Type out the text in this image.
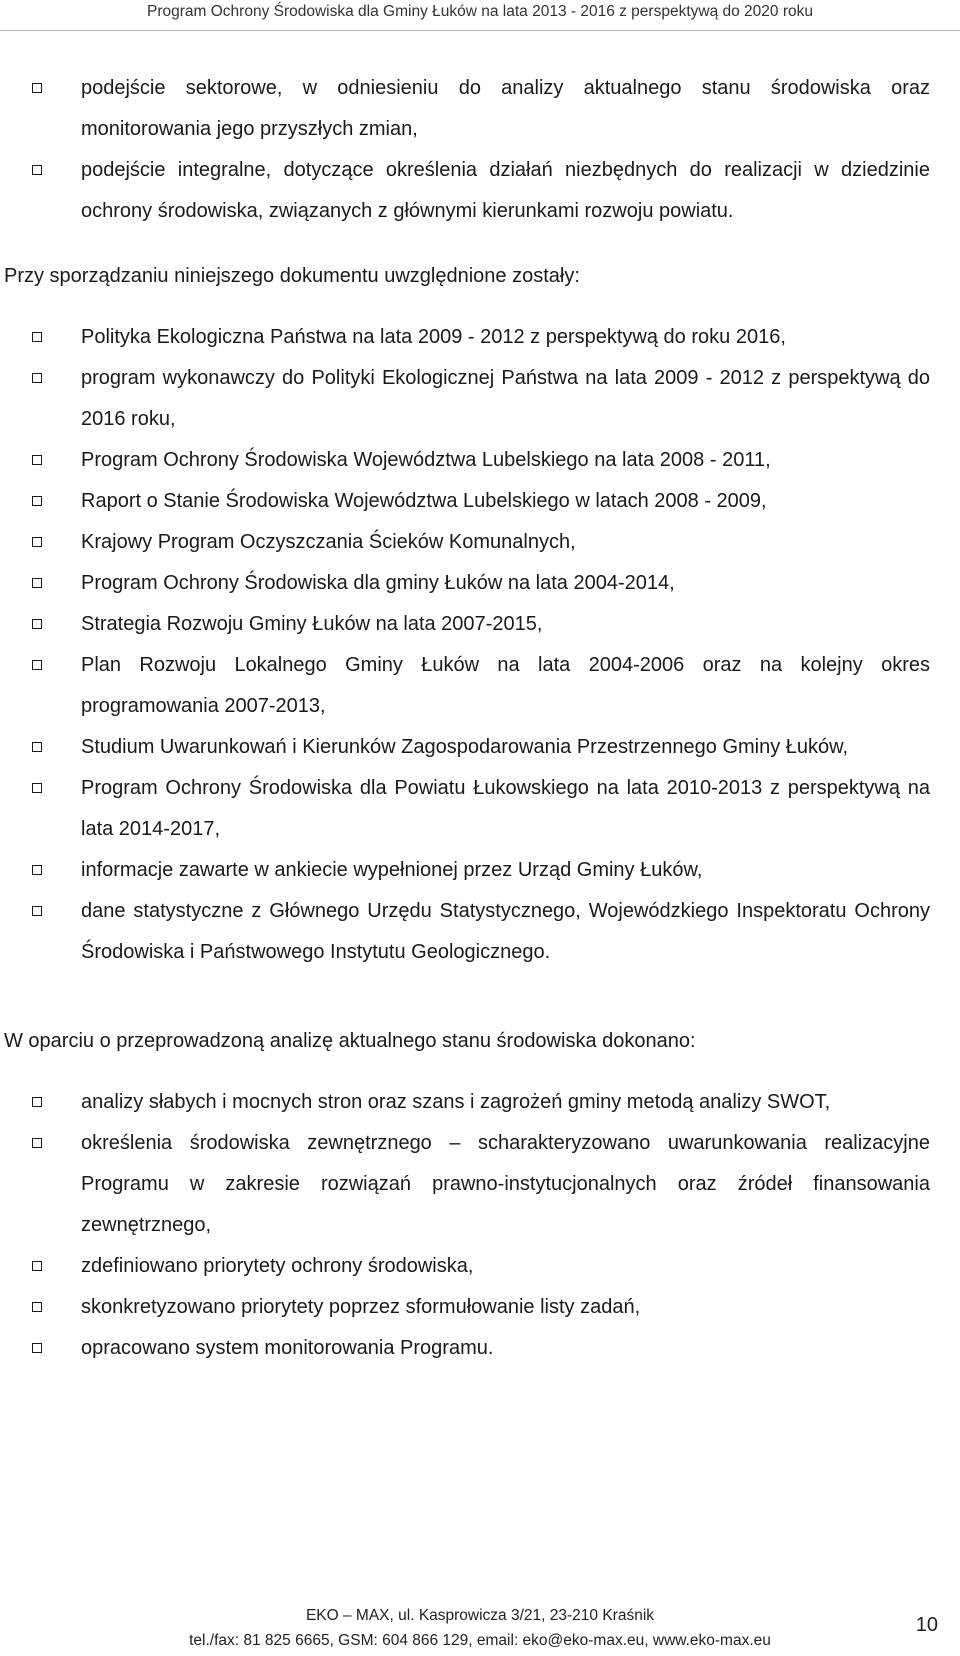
Program Ochrony Środowiska dla Gminy Łuków na lata 2013 - 2016 z perspektywą do 2020 roku
podejście sektorowe, w odniesieniu do analizy aktualnego stanu środowiska oraz monitorowania jego przyszłych zmian,
podejście integralne, dotyczące określenia działań niezbędnych do realizacji w dziedzinie ochrony środowiska, związanych z głównymi kierunkami rozwoju powiatu.

Przy sporządzaniu niniejszego dokumentu uwzględnione zostały:

Polityka Ekologiczna Państwa na lata 2009 - 2012 z perspektywą do roku 2016,
program wykonawczy do Polityki Ekologicznej Państwa na lata 2009 - 2012 z perspektywą do 2016 roku,
Program Ochrony Środowiska Województwa Lubelskiego na lata 2008 - 2011,
Raport o Stanie Środowiska Województwa Lubelskiego w latach 2008 - 2009,
Krajowy Program Oczyszczania Ścieków Komunalnych,
Program Ochrony Środowiska dla gminy Łuków na lata 2004-2014,
Strategia Rozwoju Gminy Łuków na lata 2007-2015,
Plan Rozwoju Lokalnego Gminy Łuków na lata 2004-2006 oraz na kolejny okres programowania 2007-2013,
Studium Uwarunkowań i Kierunków Zagospodarowania Przestrzennego Gminy Łuków,
Program Ochrony Środowiska dla Powiatu Łukowskiego na lata 2010-2013 z perspektywą na lata 2014-2017,
informacje zawarte w ankiecie wypełnionej przez Urząd Gminy Łuków,
dane statystyczne z Głównego Urzędu Statystycznego, Wojewódzkiego Inspektoratu Ochrony Środowiska i Państwowego Instytutu Geologicznego.

W oparciu o przeprowadzoną analizę aktualnego stanu środowiska dokonano:

analizy słabych i mocnych stron oraz szans i zagrożeń gminy metodą analizy SWOT,
określenia środowiska zewnętrznego – scharakteryzowano uwarunkowania realizacyjne Programu w zakresie rozwiązań prawno-instytucjonalnych oraz źródeł finansowania zewnętrznego,
zdefiniowano priorytety ochrony środowiska,
skonkretyzowano priorytety poprzez sformułowanie listy zadań,
opracowano system monitorowania Programu.
EKO – MAX, ul. Kasprowicza 3/21, 23-210 Kraśnik
tel./fax: 81 825 6665, GSM: 604 866 129, email: eko@eko-max.eu, www.eko-max.eu
10
